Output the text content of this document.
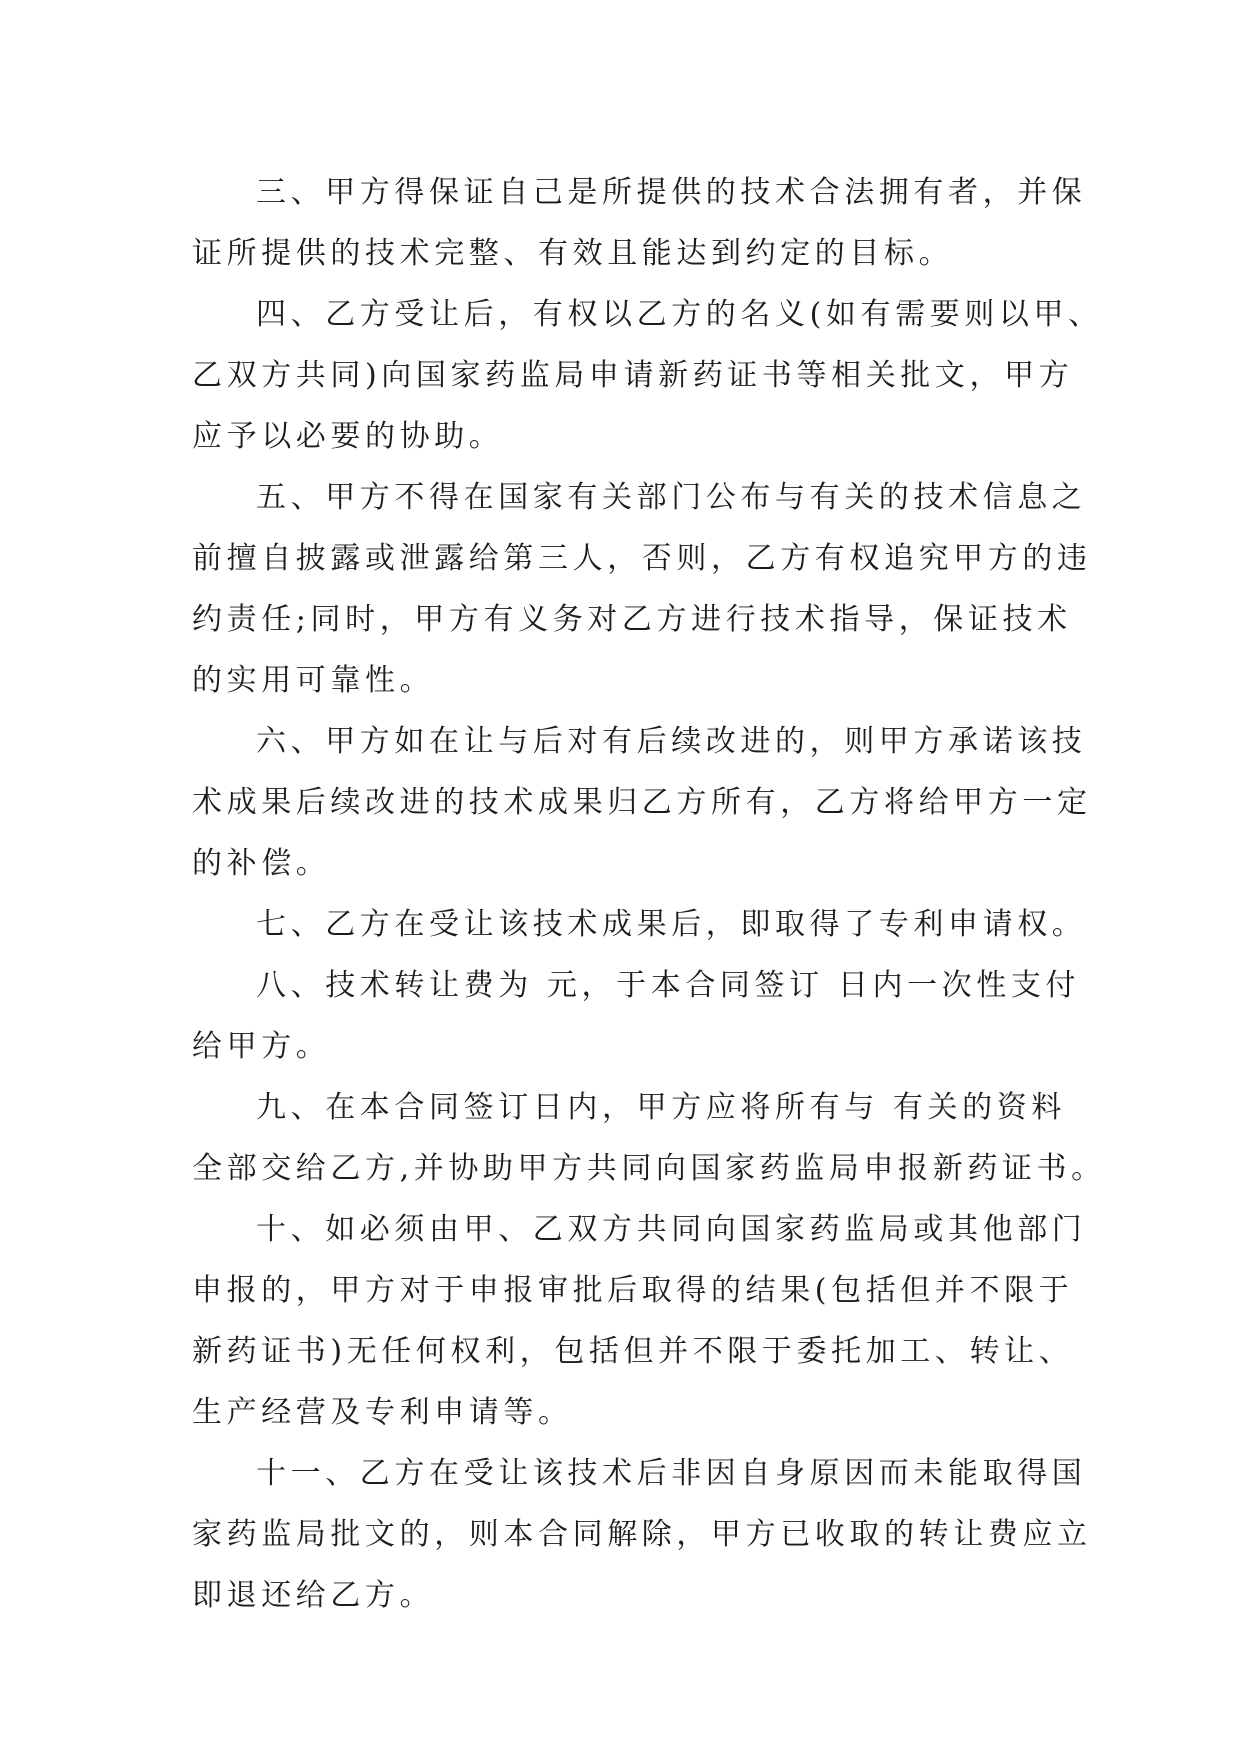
三、甲方得保证自己是所提供的技术合法拥有者，并保
证所提供的技术完整、有效且能达到约定的目标。

四、乙方受让后，有权以乙方的名义(如有需要则以甲、
乙双方共同)向国家药监局申请新药证书等相关批文，甲方
应予以必要的协助。

五、甲方不得在国家有关部门公布与有关的技术信息之
前擅自披露或泄露给第三人，否则，乙方有权追究甲方的违
约责任;同时，甲方有义务对乙方进行技术指导，保证技术
的实用可靠性。

六、甲方如在让与后对有后续改进的，则甲方承诺该技
术成果后续改进的技术成果归乙方所有，乙方将给甲方一定
的补偿。

七、乙方在受让该技术成果后，即取得了专利申请权。

八、技术转让费为 元，于本合同签订 日内一次性支付
给甲方。

九、在本合同签订日内，甲方应将所有与 有关的资料
全部交给乙方,并协助甲方共同向国家药监局申报新药证书。

十、如必须由甲、乙双方共同向国家药监局或其他部门
申报的，甲方对于申报审批后取得的结果(包括但并不限于
新药证书)无任何权利，包括但并不限于委托加工、转让、
生产经营及专利申请等。

十一、乙方在受让该技术后非因自身原因而未能取得国
家药监局批文的，则本合同解除，甲方已收取的转让费应立
即退还给乙方。
